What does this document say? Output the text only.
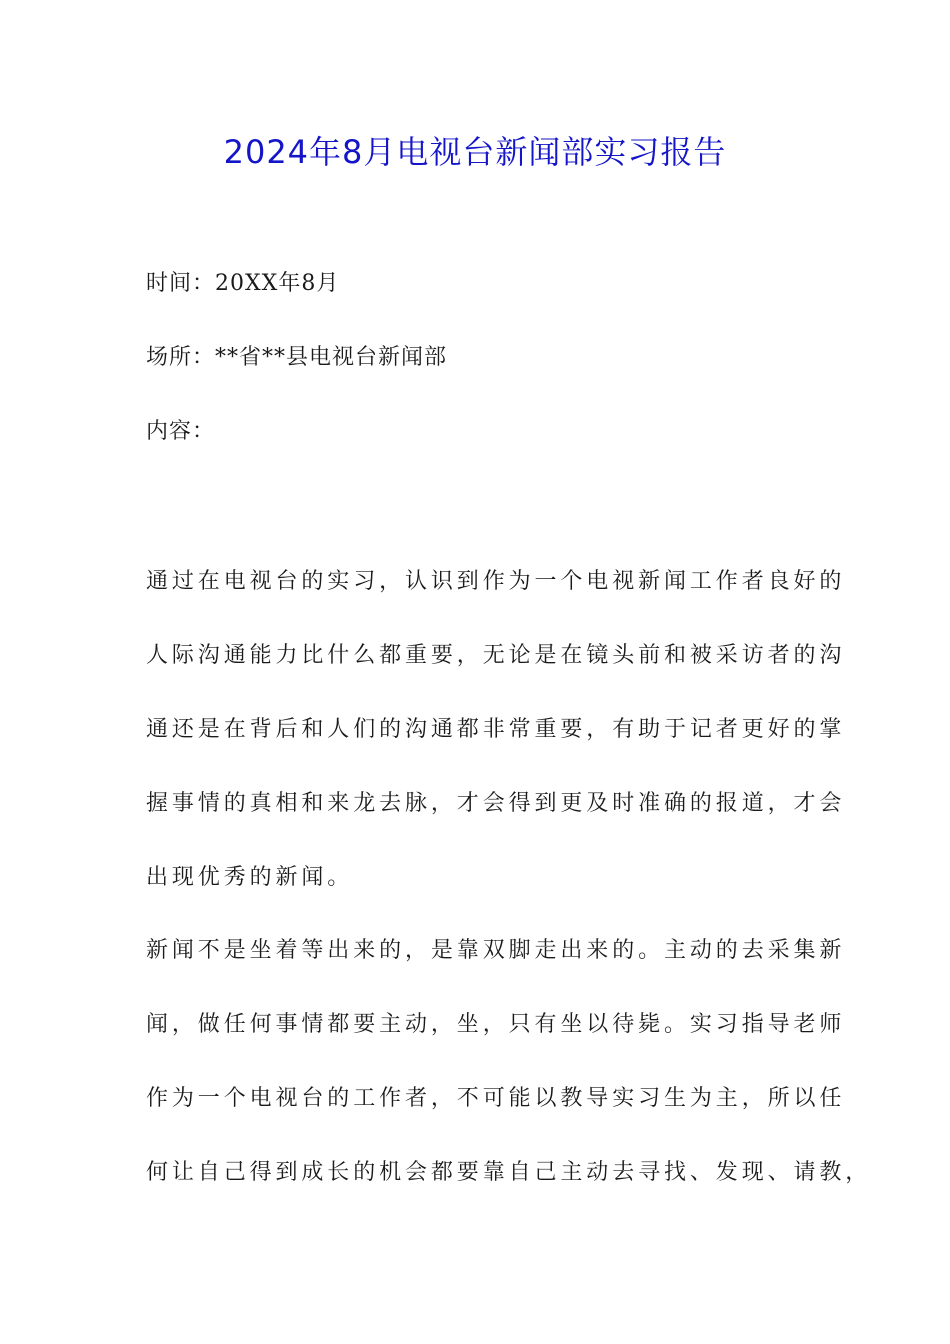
2024年8月电视台新闻部实习报告
时间：20XX年8月
场所：**省**县电视台新闻部
内容：
通过在电视台的实习，认识到作为一个电视新闻工作者良好的
人际沟通能力比什么都重要，无论是在镜头前和被采访者的沟
通还是在背后和人们的沟通都非常重要，有助于记者更好的掌
握事情的真相和来龙去脉，才会得到更及时准确的报道，才会
出现优秀的新闻。
新闻不是坐着等出来的，是靠双脚走出来的。主动的去采集新
闻，做任何事情都要主动，坐，只有坐以待毙。实习指导老师
作为一个电视台的工作者，不可能以教导实习生为主，所以任
何让自己得到成长的机会都要靠自己主动去寻找、发现、请教，
